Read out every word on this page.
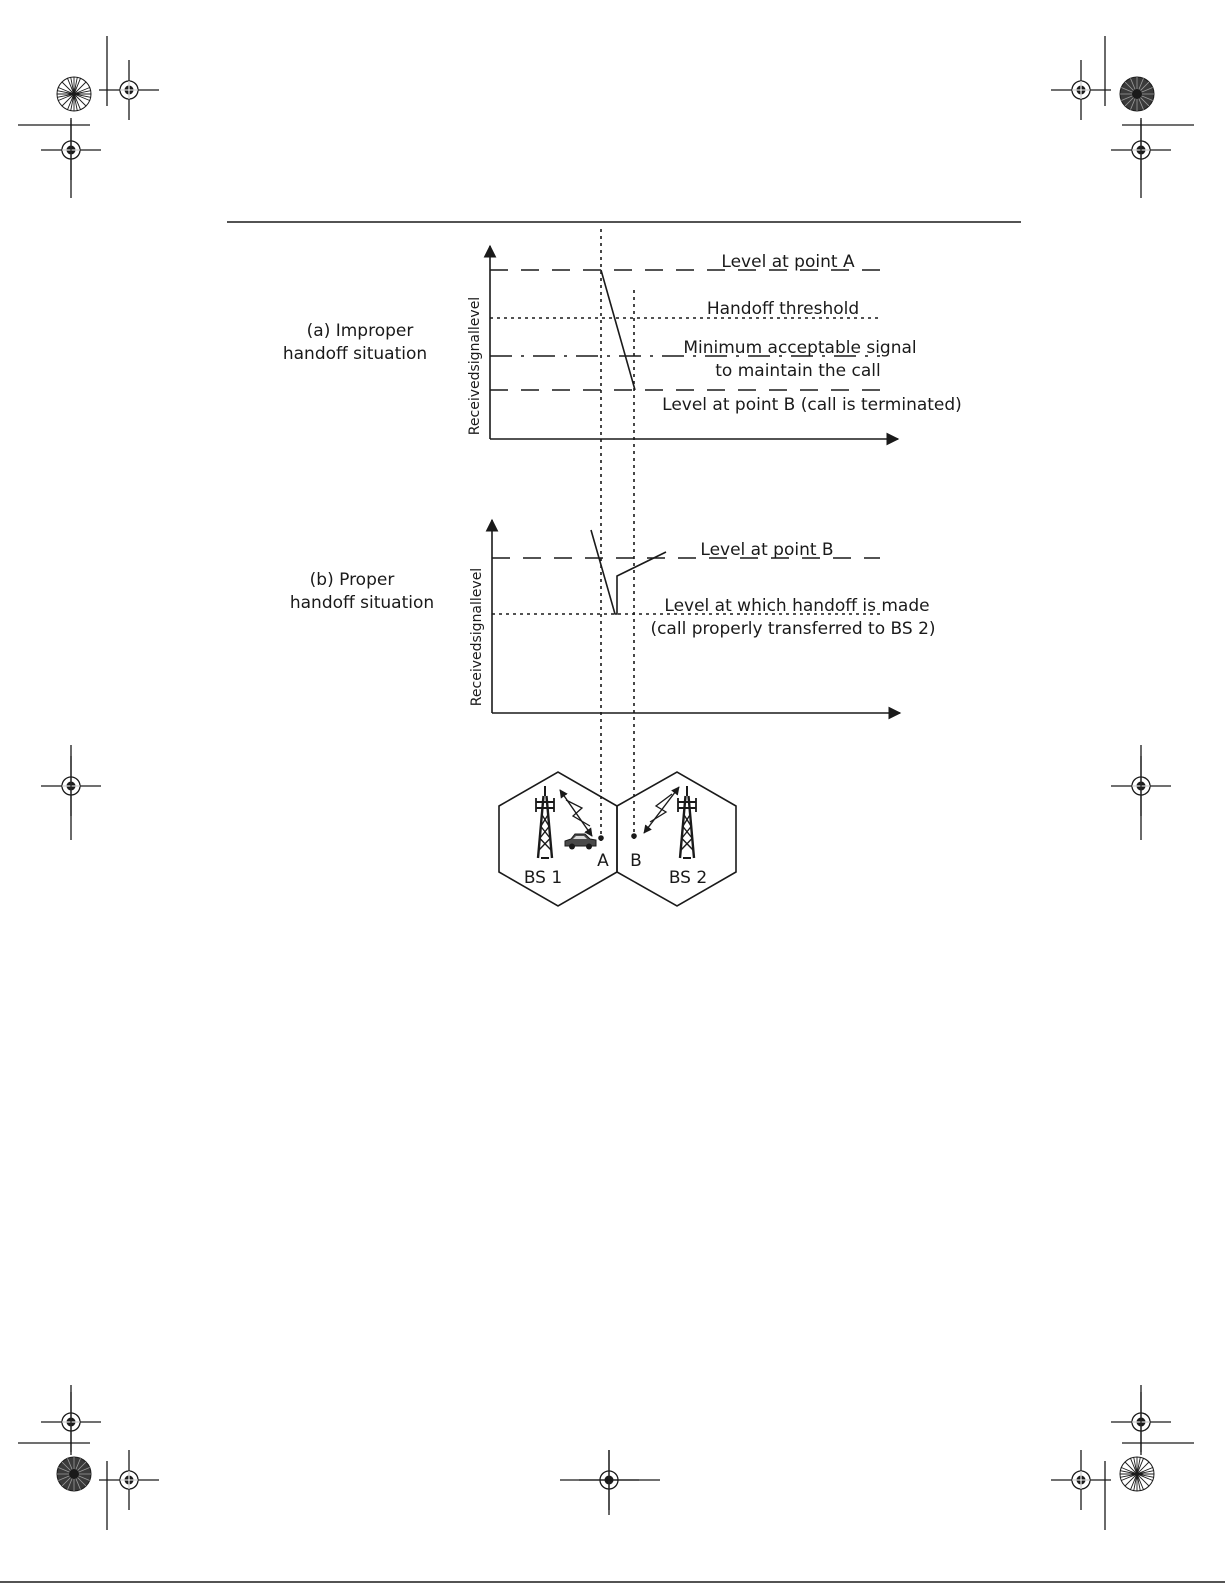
(a) Improper
handoff situation	Receivedsignallevel
Level at point A
Handoff threshold
Minimum acceptable signal
to maintain the call
Level at point B (call is terminated)
(b) Proper
handoff situation Receivedsignallevel
Level at point B
Level at which handoff is made
(call properly transferred to BS 2)
A B
BS 1	BS 2
